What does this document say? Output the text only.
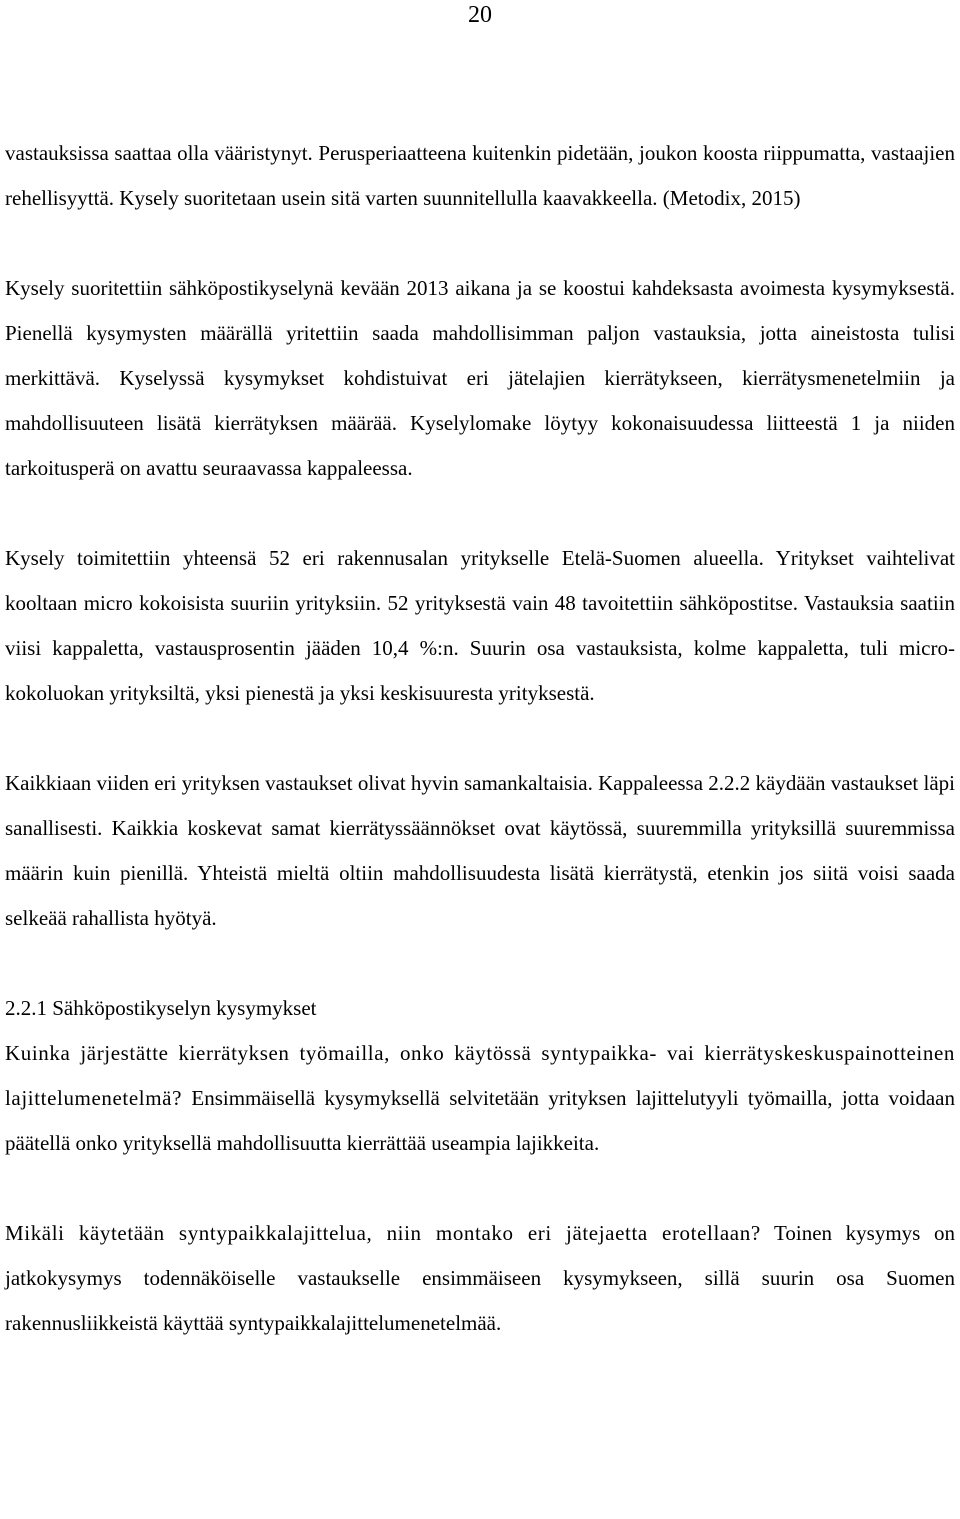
20

vastauksissa saattaa olla vääristynyt. Perusperiaatteena kuitenkin pidetään, joukon koosta riippumatta, vastaajien rehellisyyttä. Kysely suoritetaan usein sitä varten suunnitellulla kaavakkeella. (Metodix, 2015)

Kysely suoritettiin sähköpostikyselynä kevään 2013 aikana ja se koostui kahdeksasta avoimesta kysymyksestä. Pienellä kysymysten määrällä yritettiin saada mahdollisimman paljon vastauksia, jotta aineistosta tulisi merkittävä. Kyselyssä kysymykset kohdistuivat eri jätelajien kierrätykseen, kierrätysmenetelmiin ja mahdollisuuteen lisätä kierrätyksen määrää. Kyselylomake löytyy kokonaisuudessa liitteestä 1 ja niiden tarkoitusperä on avattu seuraavassa kappaleessa.

Kysely toimitettiin yhteensä 52 eri rakennusalan yritykselle Etelä-Suomen alueella. Yritykset vaihtelivat kooltaan micro kokoisista suuriin yrityksiin. 52 yrityksestä vain 48 tavoitettiin sähköpostitse. Vastauksia saatiin viisi kappaletta, vastausprosentin jääden 10,4 %:n. Suurin osa vastauksista, kolme kappaletta, tuli micro-kokoluokan yrityksiltä, yksi pienestä ja yksi keskisuuresta yrityksestä.

Kaikkiaan viiden eri yrityksen vastaukset olivat hyvin samankaltaisia. Kappaleessa 2.2.2 käydään vastaukset läpi sanallisesti. Kaikkia koskevat samat kierrätyssäännökset ovat käytössä, suuremmilla yrityksillä suuremmissa määrin kuin pienillä. Yhteistä mieltä oltiin mahdollisuudesta lisätä kierrätystä, etenkin jos siitä voisi saada selkeää rahallista hyötyä.

2.2.1 Sähköpostikyselyn kysymykset

Kuinka järjestätte kierrätyksen työmailla, onko käytössä syntypaikka- vai kierrätyskeskuspainotteinen lajittelumenetelmä? Ensimmäisellä kysymyksellä selvitetään yrityksen lajittelutyyli työmailla, jotta voidaan päätellä onko yrityksellä mahdollisuutta kierrättää useampia lajikkeita.

Mikäli käytetään syntypaikkalajittelua, niin montako eri jätejaetta erotellaan? Toinen kysymys on jatkokysymys todennäköiselle vastaukselle ensimmäiseen kysymykseen, sillä suurin osa Suomen rakennusliikkeistä käyttää syntypaikkalajittelumenetelmää.
